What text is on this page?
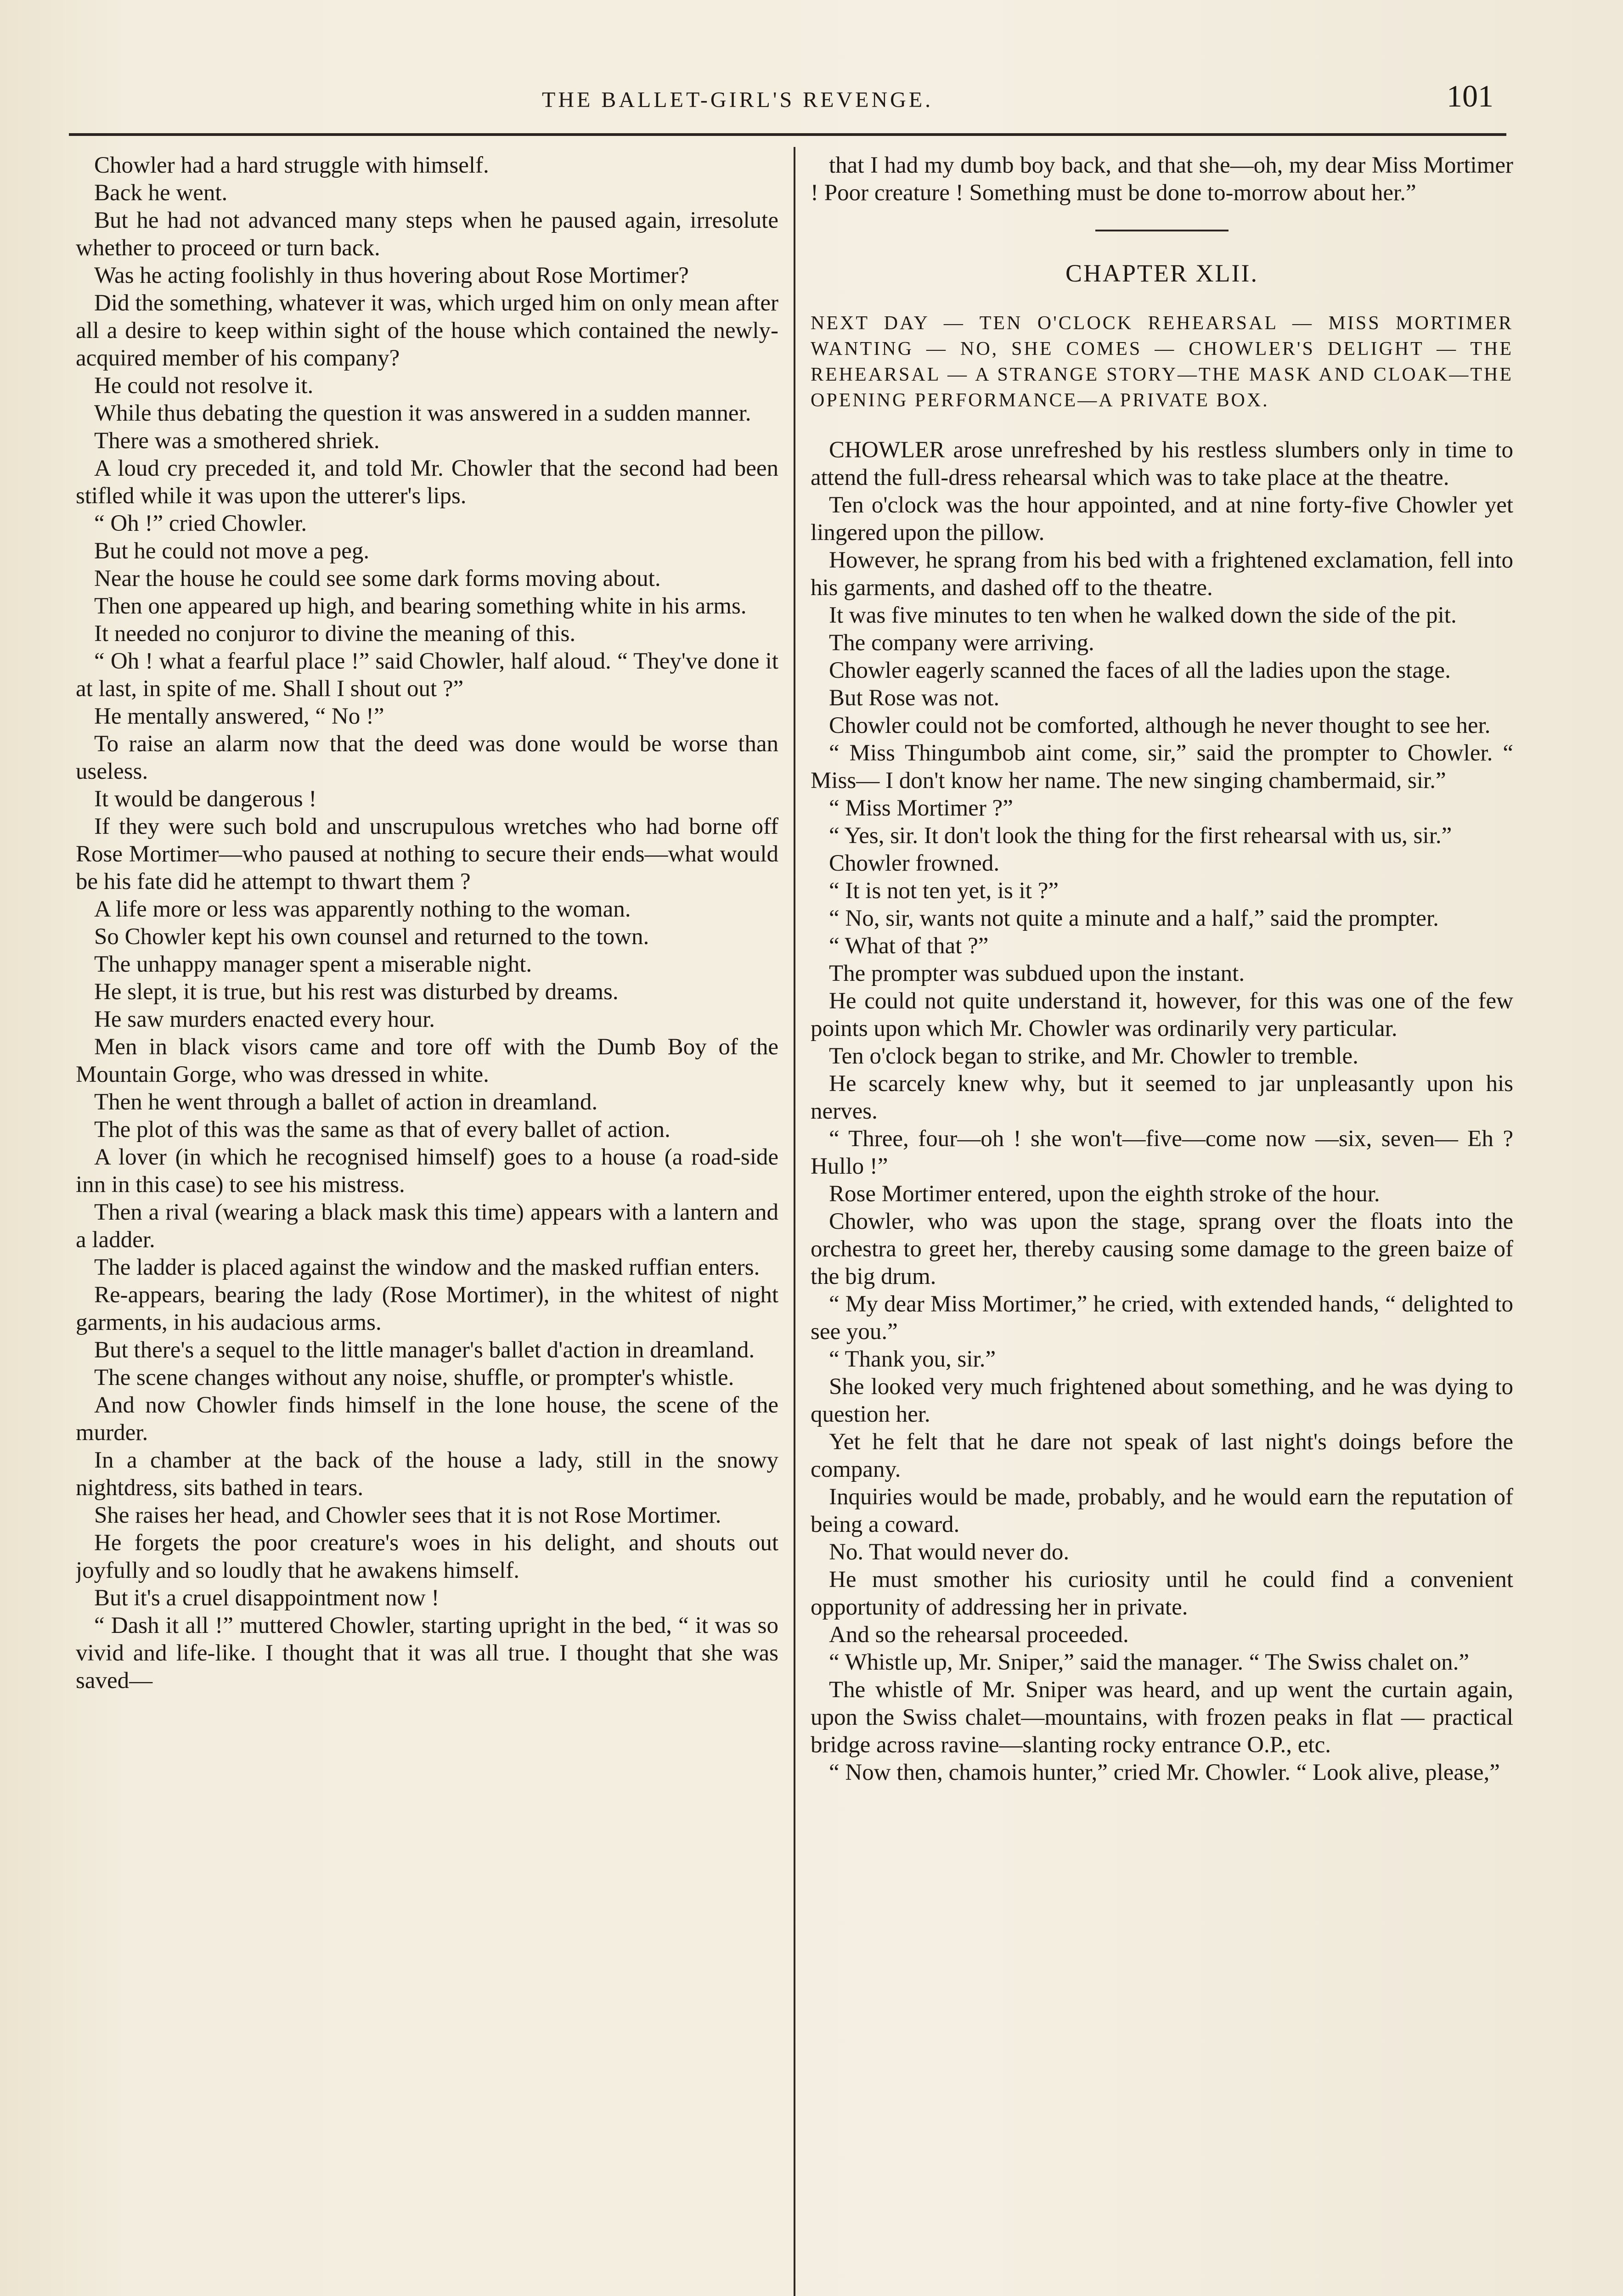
THE BALLET-GIRL'S REVENGE.	101

Chowler had a hard struggle with himself.

Back he went.

But he had not advanced many steps when he paused again, irresolute whether to proceed or turn back.

Was he acting foolishly in thus hovering about Rose Mortimer?

Did the something, whatever it was, which urged him on only mean after all a desire to keep within sight of the house which contained the newly-acquired member of his company?

He could not resolve it.

While thus debating the question it was answered in a sudden manner.

There was a smothered shriek.

A loud cry preceded it, and told Mr. Chowler that the second had been stifled while it was upon the utterer's lips.

“ Oh !” cried Chowler.

But he could not move a peg.

Near the house he could see some dark forms moving about.

Then one appeared up high, and bearing something white in his arms.

It needed no conjuror to divine the meaning of this.

“ Oh ! what a fearful place !” said Chowler, half aloud. “ They've done it at last, in spite of me. Shall I shout out ?”

He mentally answered, “ No !”

To raise an alarm now that the deed was done would be worse than useless.

It would be dangerous !

If they were such bold and unscrupulous wretches who had borne off Rose Mortimer—who paused at nothing to secure their ends—what would be his fate did he attempt to thwart them ?

A life more or less was apparently nothing to the woman.

So Chowler kept his own counsel and returned to the town.

The unhappy manager spent a miserable night.

He slept, it is true, but his rest was disturbed by dreams.

He saw murders enacted every hour.

Men in black visors came and tore off with the Dumb Boy of the Mountain Gorge, who was dressed in white.

Then he went through a ballet of action in dreamland.

The plot of this was the same as that of every ballet of action.

A lover (in which he recognised himself) goes to a house (a road-side inn in this case) to see his mistress.

Then a rival (wearing a black mask this time) appears with a lantern and a ladder.

The ladder is placed against the window and the masked ruffian enters.

Re-appears, bearing the lady (Rose Mortimer), in the whitest of night garments, in his audacious arms.

But there's a sequel to the little manager's ballet d'action in dreamland.

The scene changes without any noise, shuffle, or prompter's whistle.

And now Chowler finds himself in the lone house, the scene of the murder.

In a chamber at the back of the house a lady, still in the snowy nightdress, sits bathed in tears.

She raises her head, and Chowler sees that it is not Rose Mortimer.

He forgets the poor creature's woes in his delight, and shouts out joyfully and so loudly that he awakens himself.

But it's a cruel disappointment now !

“ Dash it all !” muttered Chowler, starting upright in the bed, “ it was so vivid and life-like. I thought that it was all true. I thought that she was saved—

that I had my dumb boy back, and that she—oh, my dear Miss Mortimer ! Poor creature ! Something must be done to-morrow about her.”

CHAPTER XLII.
NEXT DAY — TEN O'CLOCK REHEARSAL — MISS MORTIMER WANTING — NO, SHE COMES — CHOWLER'S DELIGHT — THE REHEARSAL — A STRANGE STORY—THE MASK AND CLOAK—THE OPENING PERFORMANCE—A PRIVATE BOX.

CHOWLER arose unrefreshed by his restless slumbers only in time to attend the full-dress rehearsal which was to take place at the theatre.

Ten o'clock was the hour appointed, and at nine forty-five Chowler yet lingered upon the pillow.

However, he sprang from his bed with a frightened exclamation, fell into his garments, and dashed off to the theatre.

It was five minutes to ten when he walked down the side of the pit.

The company were arriving.

Chowler eagerly scanned the faces of all the ladies upon the stage.

But Rose was not.

Chowler could not be comforted, although he never thought to see her.

“ Miss Thingumbob aint come, sir,” said the prompter to Chowler. “ Miss— I don't know her name. The new singing chambermaid, sir.”

“ Miss Mortimer ?”

“ Yes, sir. It don't look the thing for the first rehearsal with us, sir.”

Chowler frowned.

“ It is not ten yet, is it ?”

“ No, sir, wants not quite a minute and a half,” said the prompter.

“ What of that ?”

The prompter was subdued upon the instant.

He could not quite understand it, however, for this was one of the few points upon which Mr. Chowler was ordinarily very particular.

Ten o'clock began to strike, and Mr. Chowler to tremble.

He scarcely knew why, but it seemed to jar unpleasantly upon his nerves.

“ Three, four—oh ! she won't—five—come now —six, seven— Eh ? Hullo !”

Rose Mortimer entered, upon the eighth stroke of the hour.

Chowler, who was upon the stage, sprang over the floats into the orchestra to greet her, thereby causing some damage to the green baize of the big drum.

“ My dear Miss Mortimer,” he cried, with extended hands, “ delighted to see you.”

“ Thank you, sir.”

She looked very much frightened about something, and he was dying to question her.

Yet he felt that he dare not speak of last night's doings before the company.

Inquiries would be made, probably, and he would earn the reputation of being a coward.

No. That would never do.

He must smother his curiosity until he could find a convenient opportunity of addressing her in private.

And so the rehearsal proceeded.

“ Whistle up, Mr. Sniper,” said the manager. “ The Swiss chalet on.”

The whistle of Mr. Sniper was heard, and up went the curtain again, upon the Swiss chalet—mountains, with frozen peaks in flat — practical bridge across ravine—slanting rocky entrance O.P., etc.

“ Now then, chamois hunter,” cried Mr. Chowler. “ Look alive, please,”
